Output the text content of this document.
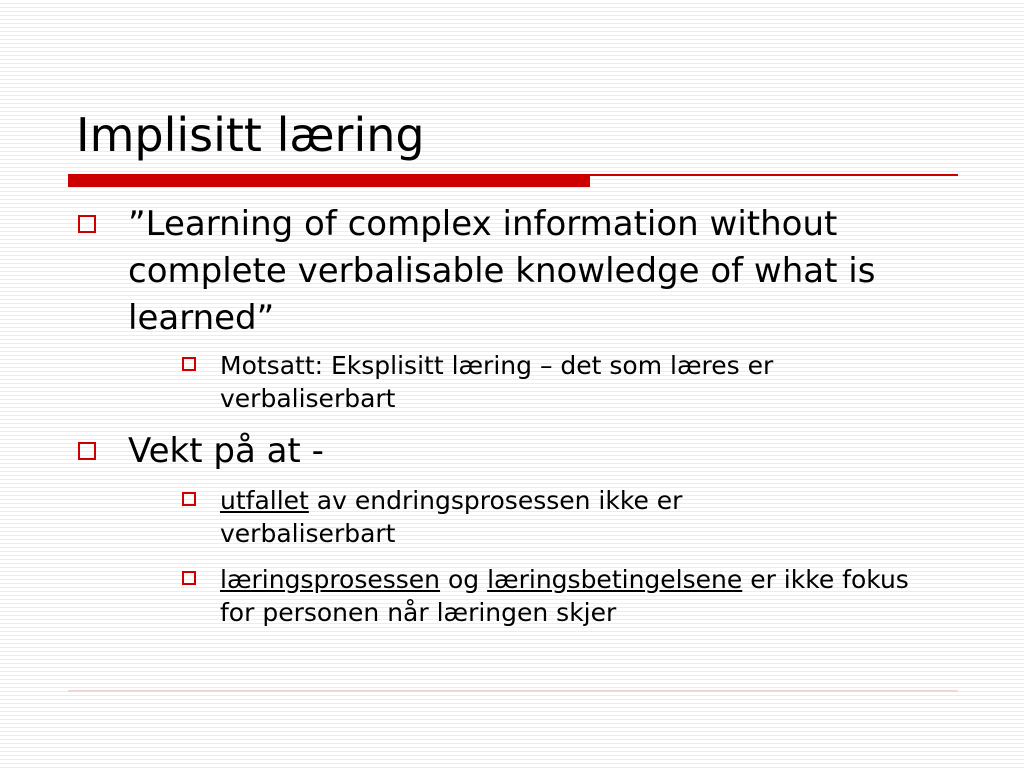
Implisitt læring
”Learning of complex information without complete verbalisable knowledge of what is learned”
Motsatt: Eksplisitt læring – det som læres er verbaliserbart
Vekt på at -
utfallet av endringsprosessen ikke er verbaliserbart
læringsprosessen og læringsbetingelsene er ikke fokus for personen når læringen skjer
